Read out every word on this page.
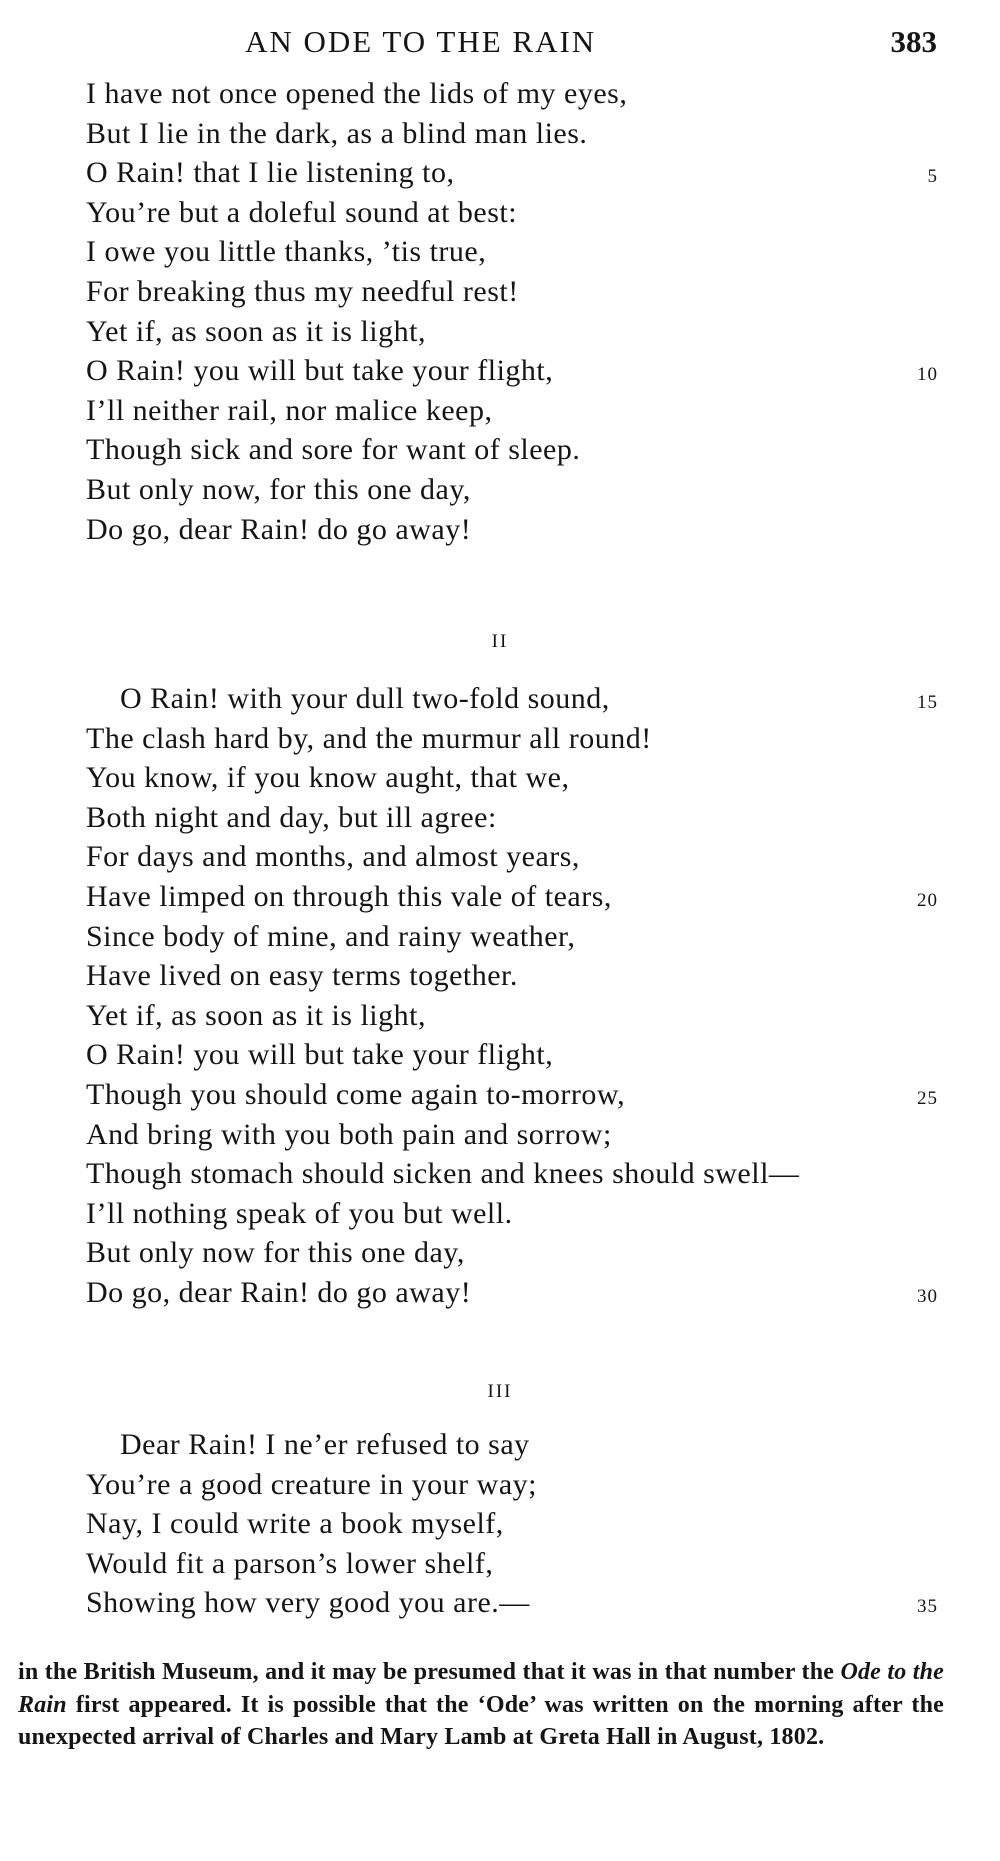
AN ODE TO THE RAIN	383
I have not once opened the lids of my eyes,
But I lie in the dark, as a blind man lies.
O Rain! that I lie listening to,	5
You’re but a doleful sound at best:
I owe you little thanks, ’tis true,
For breaking thus my needful rest!
Yet if, as soon as it is light,
O Rain! you will but take your flight,	10
I’ll neither rail, nor malice keep,
Though sick and sore for want of sleep.
But only now, for this one day,
Do go, dear Rain! do go away!
II
O Rain! with your dull two-fold sound,	15
The clash hard by, and the murmur all round!
You know, if you know aught, that we,
Both night and day, but ill agree:
For days and months, and almost years,
Have limped on through this vale of tears,	20
Since body of mine, and rainy weather,
Have lived on easy terms together.
Yet if, as soon as it is light,
O Rain! you will but take your flight,
Though you should come again to-morrow,	25
And bring with you both pain and sorrow;
Though stomach should sicken and knees should swell—
I’ll nothing speak of you but well.
But only now for this one day,
Do go, dear Rain! do go away!	30
III
Dear Rain! I ne’er refused to say
You’re a good creature in your way;
Nay, I could write a book myself,
Would fit a parson’s lower shelf,
Showing how very good you are.—	35
in the British Museum, and it may be presumed that it was in that number the Ode to the Rain first appeared. It is possible that the ‘Ode’ was written on the morning after the unexpected arrival of Charles and Mary Lamb at Greta Hall in August, 1802.
